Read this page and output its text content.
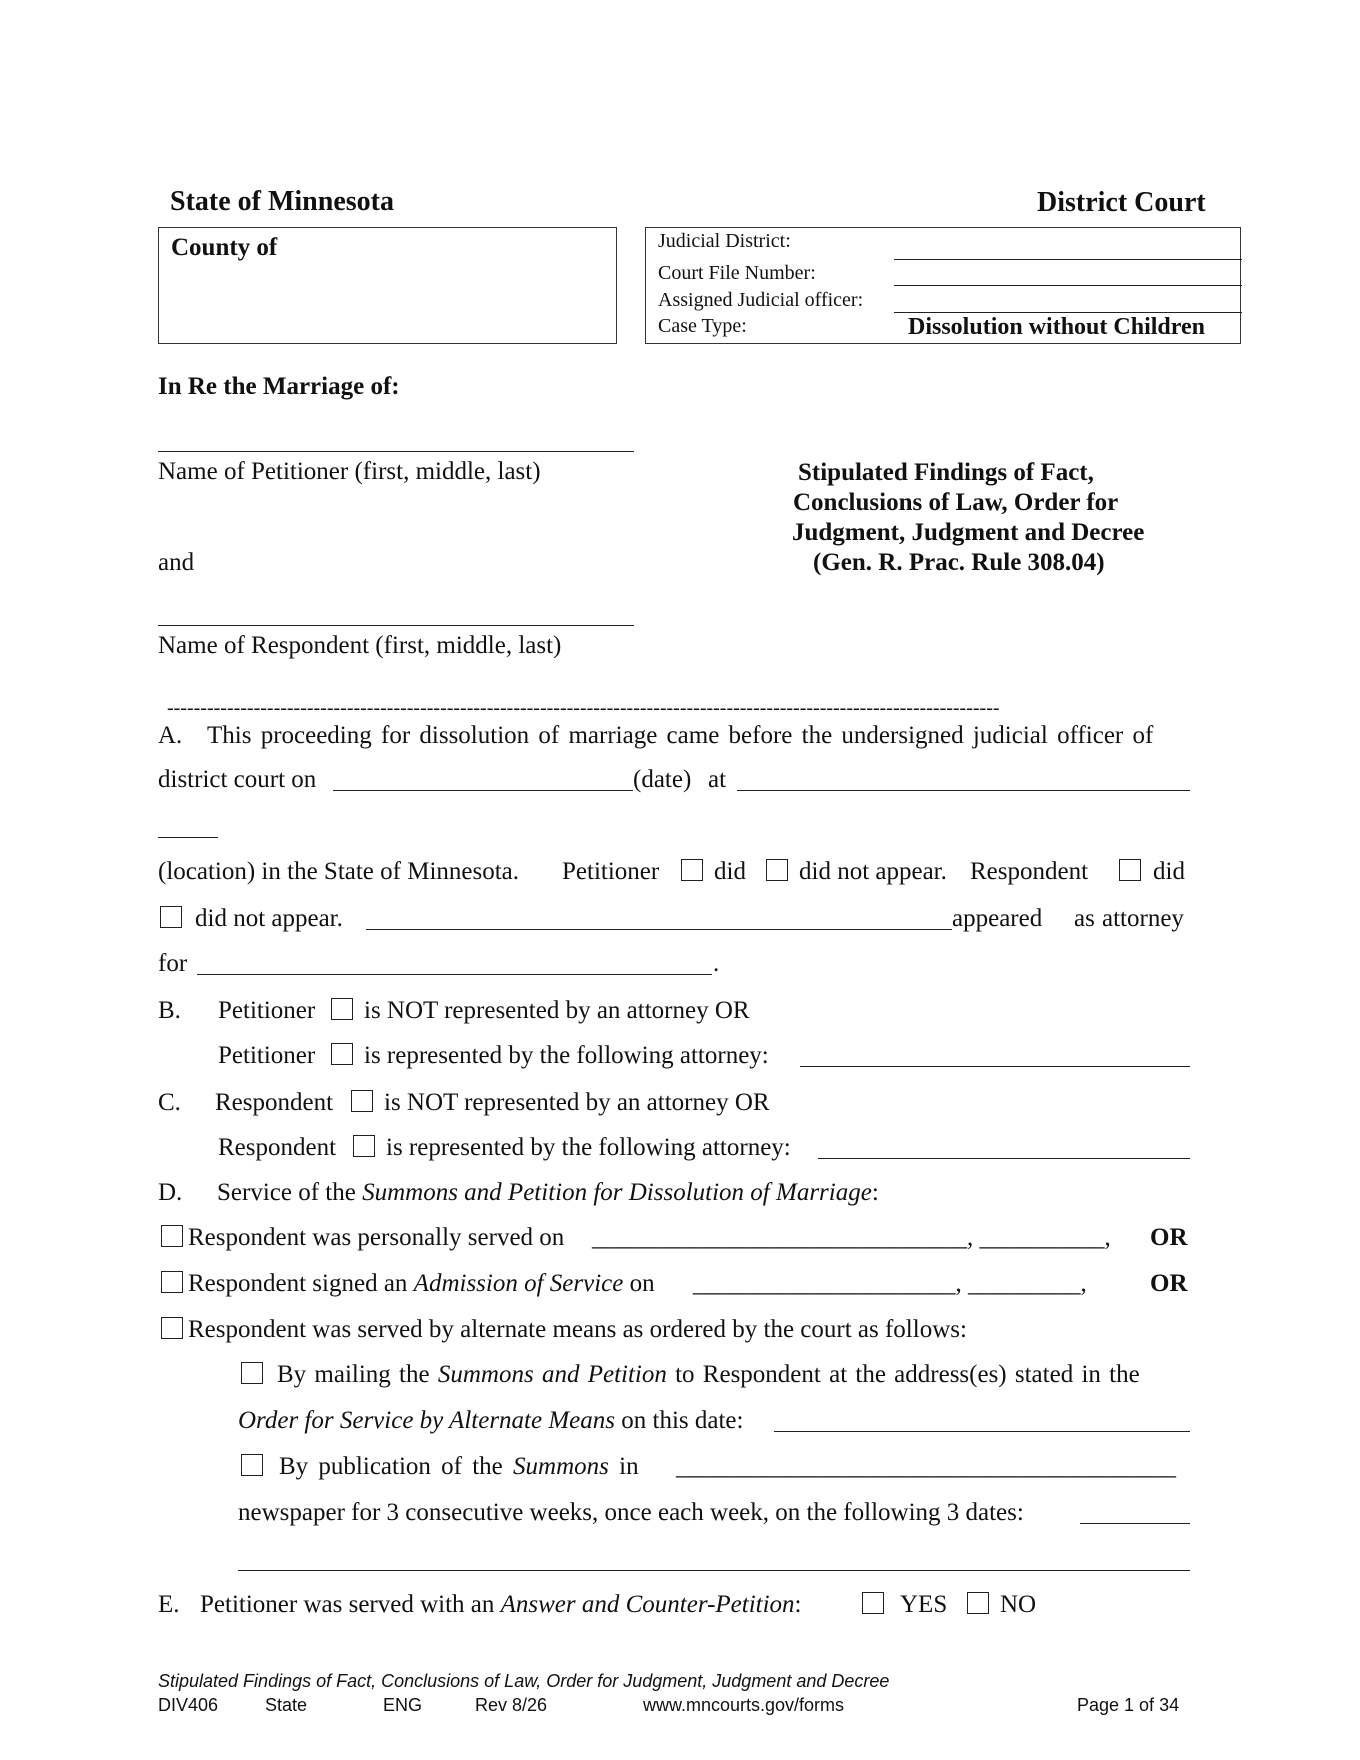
State of Minnesota	District Court
County of	Judicial District:
Court File Number:
Assigned Judicial officer:
Case Type:	Dissolution without Children
In Re the Marriage of:
Name of Petitioner (first, middle, last)
and
Name of Respondent (first, middle, last)
Stipulated Findings of Fact,
Conclusions of Law, Order for
Judgment, Judgment and Decree
(Gen. R. Prac. Rule 308.04)
-----------------------------------------------------------------------------------------------------------------------------
A. This proceeding for dissolution of marriage came before the undersigned judicial officer of
district court on	(date) at
(location) in the State of Minnesota. Petitioner did did not appear. Respondent	did
did not appear.	appeared as attorney
for	.
B. Petitioner is NOT represented by an attorney OR
Petitioner is represented by the following attorney:
C. Respondent is NOT represented by an attorney OR
Respondent is represented by the following attorney:
D. Service of the Summons and Petition for Dissolution of Marriage:
Respondent was personally served on ______________________________, __________, OR
Respondent signed an Admission of Service on _____________________, _________,	OR
Respondent was served by alternate means as ordered by the court as follows:
By mailing the Summons and Petition to Respondent at the address(es) stated in the
Order for Service by Alternate Means on this date:
By publication of the Summons in ________________________________________
newspaper for 3 consecutive weeks, once each week, on the following 3 dates:
E. Petitioner was served with an Answer and Counter-Petition:	YES NO
Stipulated Findings of Fact, Conclusions of Law, Order for Judgment, Judgment and Decree
DIV406	State	ENG	Rev 8/26	www.mncourts.gov/forms	Page 1 of 34
